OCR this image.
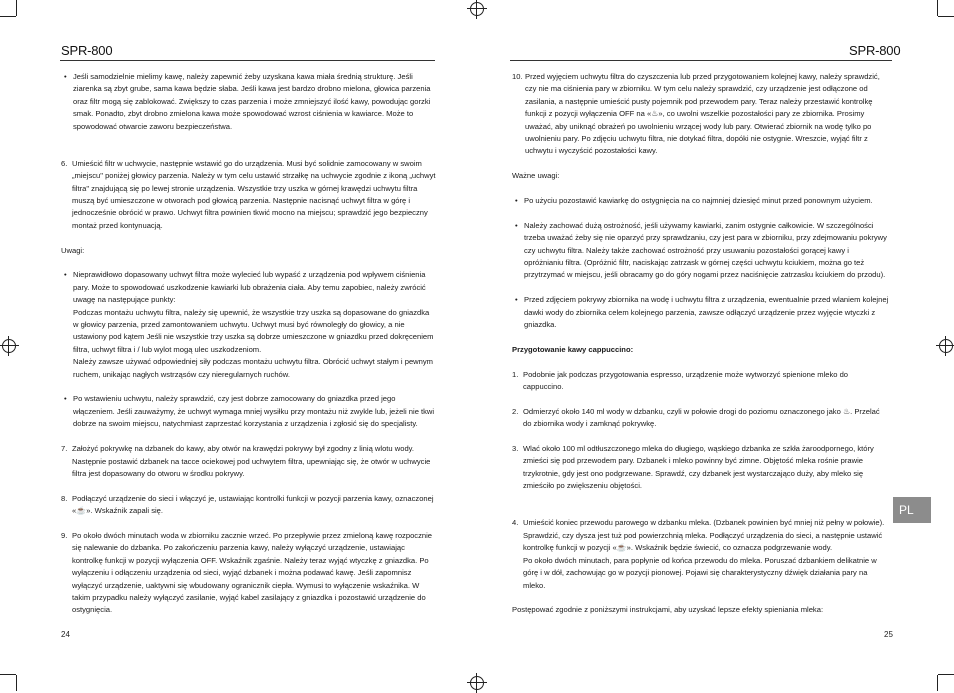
SPR-800	SPR-800
• Jeśli samodzielnie mielimy kawę, należy zapewnić żeby uzyskana kawa miała średnią strukturę. Jeśli ziarenka są zbyt grube, sama kawa będzie słaba. Jeśli kawa jest bardzo drobno mielona, głowica parzenia oraz filtr mogą się zablokować. Zwiększy to czas parzenia i może zmniejszyć ilość kawy, powodując gorzki smak. Ponadto, zbyt drobno zmielona kawa może spowodować wzrost ciśnienia w kawiarce. Może to spowodować otwarcie zaworu bezpieczeństwa.
6. Umieścić filtr w uchwycie, następnie wstawić go do urządzenia. Musi być solidnie zamocowany w swoim „miejscu" poniżej głowicy parzenia. Należy w tym celu ustawić strzałkę na uchwycie zgodnie z ikoną „uchwyt filtra" znajdującą się po lewej stronie urządzenia. Wszystkie trzy uszka w górnej krawędzi uchwytu filtra muszą być umieszczone w otworach pod głowicą parzenia. Następnie nacisnąć uchwyt filtra w górę i jednocześnie obrócić w prawo. Uchwyt filtra powinien tkwić mocno na miejscu; sprawdzić jego bezpieczny montaż przed kontynuacją.
Uwagi:
• Nieprawidłowo dopasowany uchwyt filtra może wylecieć lub wypaść z urządzenia pod wpływem ciśnienia pary. Może to spowodować uszkodzenie kawiarki lub obrażenia ciała. Aby temu zapobiec, należy zwrócić uwagę na następujące punkty:
Podczas montażu uchwytu filtra, należy się upewnić, że wszystkie trzy uszka są dopasowane do gniazdka w głowicy parzenia, przed zamontowaniem uchwytu. Uchwyt musi być równoległy do głowicy, a nie ustawiony pod kątem Jeśli nie wszystkie trzy uszka są dobrze umieszczone w gniazdku przed dokręceniem filtra, uchwyt filtra i / lub wylot mogą ulec uszkodzeniom.
Należy zawsze używać odpowiedniej siły podczas montażu uchwytu filtra. Obrócić uchwyt stałym i pewnym ruchem, unikając nagłych wstrząsów czy nieregularnych ruchów.
• Po wstawieniu uchwytu, należy sprawdzić, czy jest dobrze zamocowany do gniazdka przed jego włączeniem. Jeśli zauważymy, że uchwyt wymaga mniej wysiłku przy montażu niż zwykle lub, jeżeli nie tkwi dobrze na swoim miejscu, natychmiast zaprzestać korzystania z urządzenia i zgłosić się do specjalisty.
7. Założyć pokrywkę na dzbanek do kawy, aby otwór na krawędzi pokrywy był zgodny z linią wlotu wody. Następnie postawić dzbanek na tacce ociekowej pod uchwytem filtra, upewniając się, że otwór w uchwycie filtra jest dopasowany do otworu w środku pokrywy.
8. Podłączyć urządzenie do sieci i włączyć je, ustawiając kontrolki funkcji w pozycji parzenia kawy, oznaczonej
«☕». Wskaźnik zapali się.
9. Po około dwóch minutach woda w zbiorniku zacznie wrzeć. Po przepływie przez zmieloną kawę rozpocznie się nalewanie do dzbanka. Po zakończeniu parzenia kawy, należy wyłączyć urządzenie, ustawiając kontrolkę funkcji w pozycji wyłączenia OFF. Wskaźnik zgaśnie. Należy teraz wyjąć wtyczkę z gniazdka. Po wyłączeniu i odłączeniu urządzenia od sieci, wyjąć dzbanek i można podawać kawę. Jeśli zapomnisz wyłączyć urządzenie, uaktywni się wbudowany ogranicznik ciepła. Wymusi to wyłączenie wskaźnika. W takim przypadku należy wyłączyć zasilanie, wyjąć kabel zasilający z gniazdka i pozostawić urządzenie do ostygnięcia.
24
10. Przed wyjęciem uchwytu filtra do czyszczenia lub przed przygotowaniem kolejnej kawy, należy sprawdzić, czy nie ma ciśnienia pary w zbiorniku. W tym celu należy sprawdzić, czy urządzenie jest odłączone od zasilania, a następnie umieścić pusty pojemnik pod przewodem pary. Teraz należy przestawić kontrolkę funkcji z pozycji wyłączenia OFF na «♨», co uwolni wszelkie pozostałości pary ze zbiornika. Prosimy uważać, aby uniknąć obrażeń po uwolnieniu wrzącej wody lub pary. Otwierać zbiornik na wodę tylko po uwolnieniu pary. Po zdjęciu uchwytu filtra, nie dotykać filtra, dopóki nie ostygnie. Wreszcie, wyjąć filtr z uchwytu i wyczyścić pozostałości kawy.
Ważne uwagi:
• Po użyciu pozostawić kawiarkę do ostygnięcia na co najmniej dziesięć minut przed ponownym użyciem.
• Należy zachować dużą ostrożność, jeśli używamy kawiarki, zanim ostygnie całkowicie. W szczególności trzeba uważać żeby się nie oparzyć przy sprawdzaniu, czy jest para w zbiorniku, przy zdejmowaniu pokrywy czy uchwytu filtra. Należy także zachować ostrożność przy usuwaniu pozostałości gorącej kawy i opróżnianiu filtra. (Opróżnić filtr, naciskając zatrzask w górnej części uchwytu kciukiem, można go też przytrzymać w miejscu, jeśli obracamy go do góry nogami przez naciśnięcie zatrzasku kciukiem do przodu).
• Przed zdjęciem pokrywy zbiornika na wodę i uchwytu filtra z urządzenia, ewentualnie przed wlaniem kolejnej dawki wody do zbiornika celem kolejnego parzenia, zawsze odłączyć urządzenie przez wyjęcie wtyczki z gniazdka.
Przygotowanie kawy cappuccino:
1. Podobnie jak podczas przygotowania espresso, urządzenie może wytworzyć spienione mleko do cappuccino.
2. Odmierzyć około 140 ml wody w dzbanku, czyli w połowie drogi do poziomu oznaczonego jako ♨. Przelać do zbiornika wody i zamknąć pokrywkę.
3. Wlać około 100 ml odtłuszczonego mleka do długiego, wąskiego dzbanka ze szkła żaroodpornego, który zmieści się pod przewodem pary. Dzbanek i mleko powinny być zimne. Objętość mleka rośnie prawie trzykrotnie, gdy jest ono podgrzewane. Sprawdź, czy dzbanek jest wystarczająco duży, aby mleko się zmieściło po zwiększeniu objętości.
4. Umieścić koniec przewodu parowego w dzbanku mleka. (Dzbanek powinien być mniej niż pełny w połowie). Sprawdzić, czy dysza jest tuż pod powierzchnią mleka. Podłączyć urządzenia do sieci, a następnie ustawić kontrolkę funkcji w pozycji «☕». Wskaźnik będzie świecić, co oznacza podgrzewanie wody.
Po około dwóch minutach, para popłynie od końca przewodu do mleka. Poruszać dzbankiem delikatnie w górę i w dół, zachowując go w pozycji pionowej. Pojawi się charakterystyczny dźwięk działania pary na mleko.
Postępować zgodnie z poniższymi instrukcjami, aby uzyskać lepsze efekty spieniania mleka:
25
PL
